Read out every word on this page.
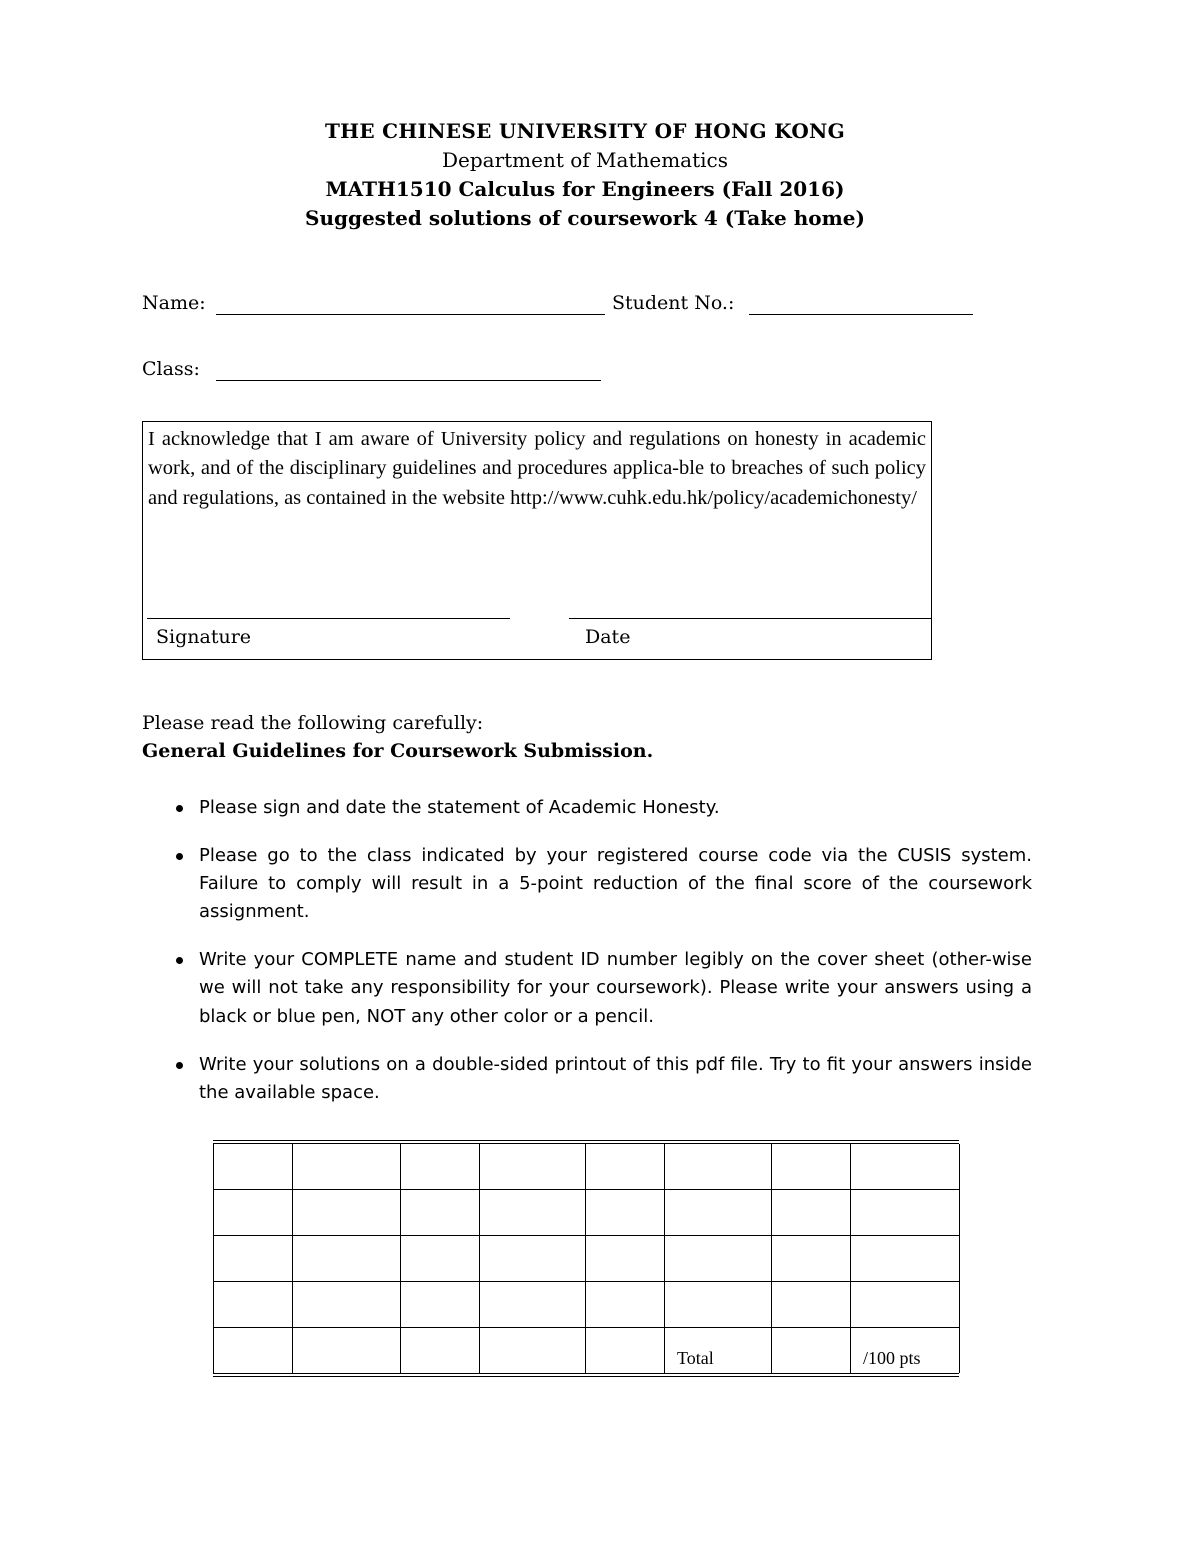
THE CHINESE UNIVERSITY OF HONG KONG
Department of Mathematics
MATH1510 Calculus for Engineers (Fall 2016)
Suggested solutions of coursework 4 (Take home)
Name:	Student No.:
Class:
I acknowledge that I am aware of University policy and regulations on honesty in academic work, and of the disciplinary guidelines and procedures applica-ble to breaches of such policy and regulations, as contained in the website http://www.cuhk.edu.hk/policy/academichonesty/
Signature	Date
Please read the following carefully:
General Guidelines for Coursework Submission.
Please sign and date the statement of Academic Honesty.
Please go to the class indicated by your registered course code via the CUSIS system. Failure to comply will result in a 5-point reduction of the final score of the coursework assignment.
Write your COMPLETE name and student ID number legibly on the cover sheet (other-wise we will not take any responsibility for your coursework). Please write your answers using a black or blue pen, NOT any other color or a pencil.
Write your solutions on a double-sided printout of this pdf file. Try to fit your answers inside the available space.

					Total		/100 pts
